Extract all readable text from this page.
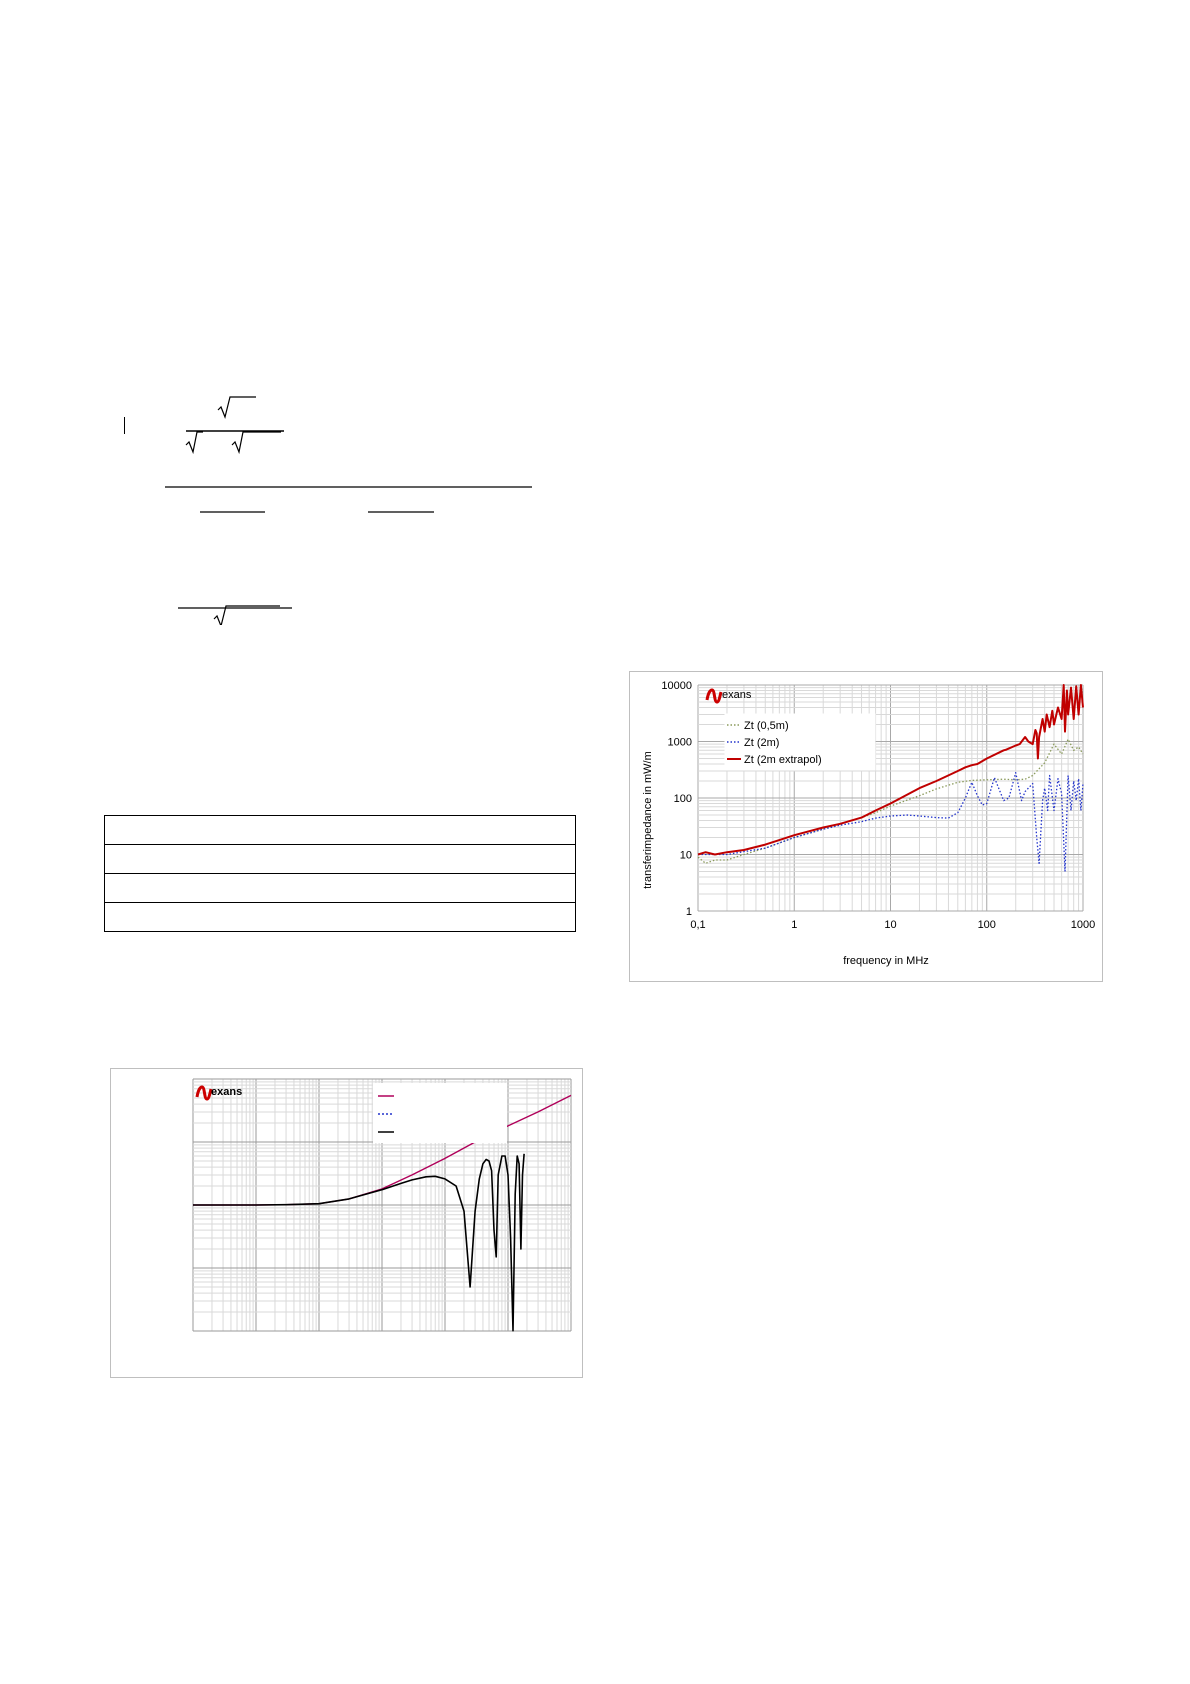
0,1	1	10	100	1000
1
10
100
1000
10000
exans
Zt (0,5m)
Zt (2m)
Zt (2m extrapol)
frequency in MHz
transferimpedance in mW/m
exans
